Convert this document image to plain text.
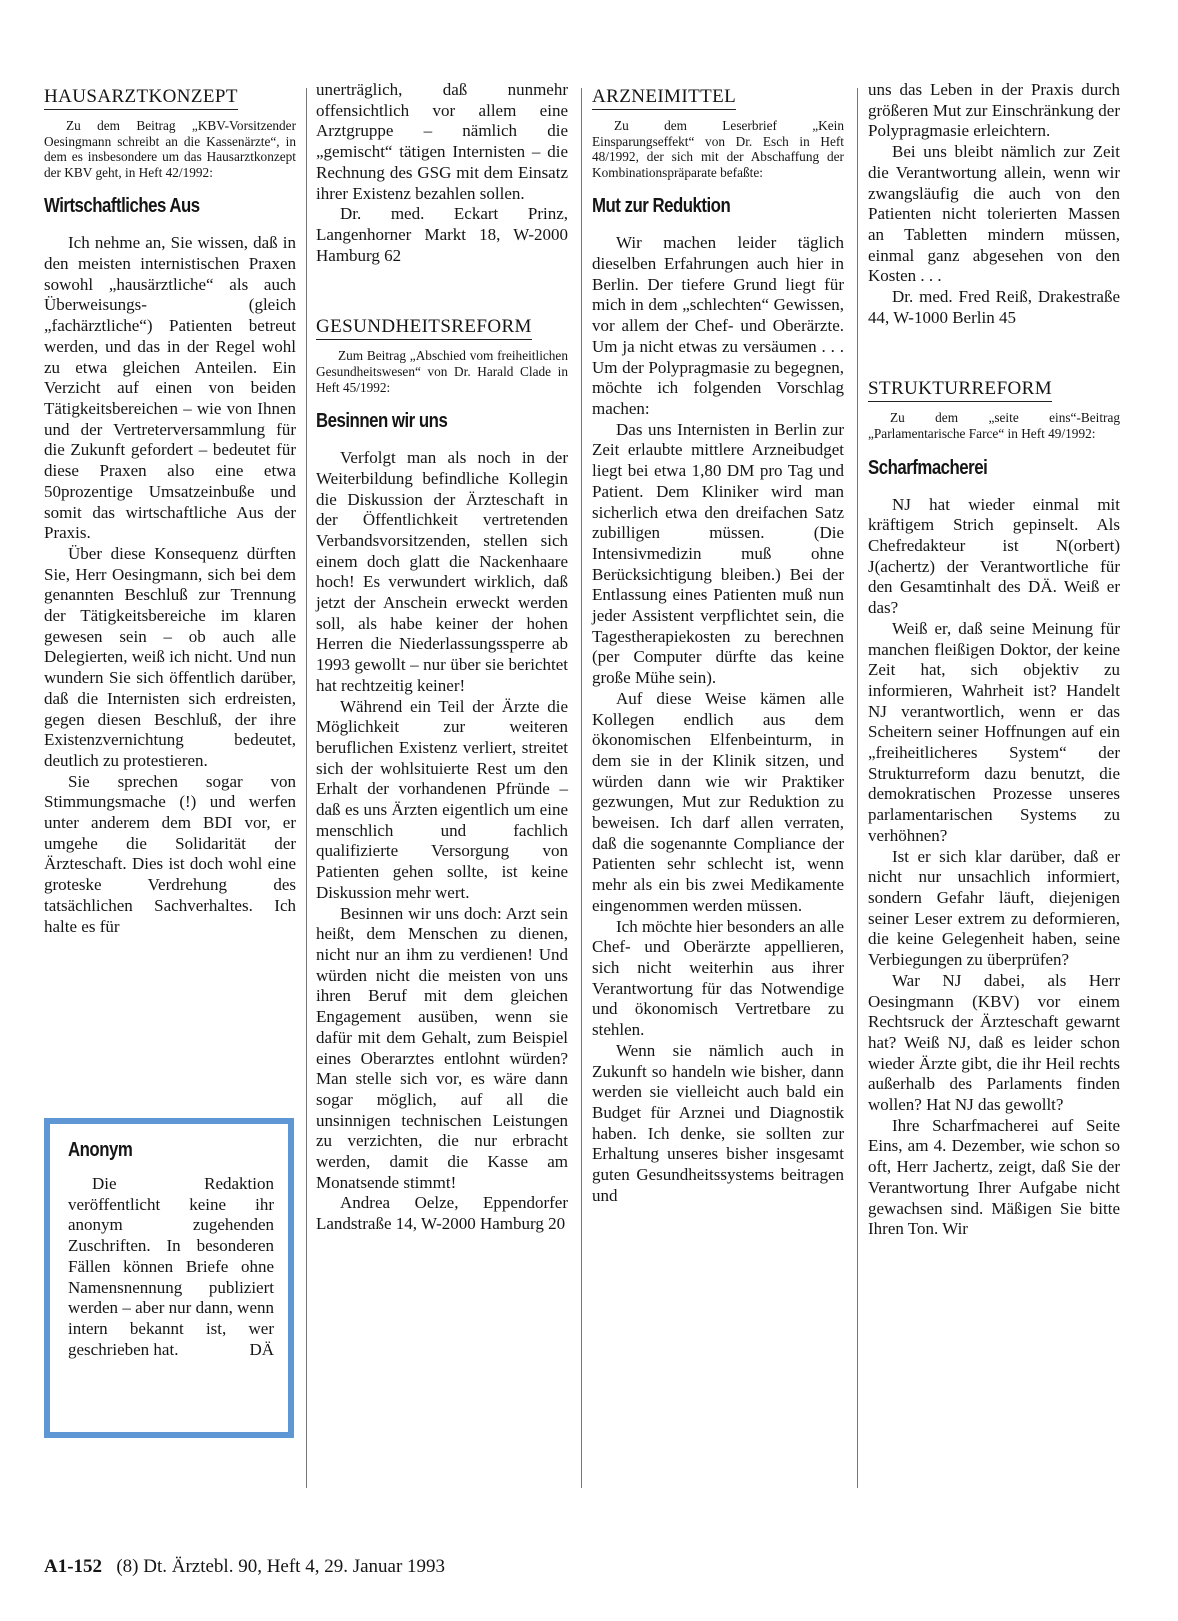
HAUSARZTKONZEPT

Zu dem Beitrag „KBV-Vorsitzender Oesingmann schreibt an die Kassenärzte“, in dem es insbesondere um das Hausarztkonzept der KBV geht, in Heft 42/1992:

Wirtschaftliches Aus

Ich nehme an, Sie wissen, daß in den meisten internistischen Praxen sowohl „hausärztliche“ als auch Überweisungs- (gleich „fachärztliche“) Patienten betreut werden, und das in der Regel wohl zu etwa gleichen Anteilen. Ein Verzicht auf einen von beiden Tätigkeitsbereichen – wie von Ihnen und der Vertreterversammlung für die Zukunft gefordert – bedeutet für diese Praxen also eine etwa 50prozentige Umsatzeinbuße und somit das wirtschaftliche Aus der Praxis.

Über diese Konsequenz dürften Sie, Herr Oesingmann, sich bei dem genannten Beschluß zur Trennung der Tätigkeitsbereiche im klaren gewesen sein – ob auch alle Delegierten, weiß ich nicht. Und nun wundern Sie sich öffentlich darüber, daß die Internisten sich erdreisten, gegen diesen Beschluß, der ihre Existenzvernichtung bedeutet, deutlich zu protestieren.

Sie sprechen sogar von Stimmungsmache (!) und werfen unter anderem dem BDI vor, er umgehe die Solidarität der Ärzteschaft. Dies ist doch wohl eine groteske Verdrehung des tatsächlichen Sachverhaltes. Ich halte es für

Anonym

Die Redaktion veröffentlicht keine ihr anonym zugehenden Zuschriften. In besonderen Fällen können Briefe ohne Namensnennung publiziert werden – aber nur dann, wenn intern bekannt ist, wer geschrieben hat.	DÄ

unerträglich, daß nunmehr offensichtlich vor allem eine Arztgruppe – nämlich die „gemischt“ tätigen Internisten – die Rechnung des GSG mit dem Einsatz ihrer Existenz bezahlen sollen.

Dr. med. Eckart Prinz, Langenhorner Markt 18, W-2000 Hamburg 62

GESUNDHEITSREFORM

Zum Beitrag „Abschied vom freiheitlichen Gesundheitswesen“ von Dr. Harald Clade in Heft 45/1992:

Besinnen wir uns

Verfolgt man als noch in der Weiterbildung befindliche Kollegin die Diskussion der Ärzteschaft in der Öffentlichkeit vertretenden Verbandsvorsitzenden, stellen sich einem doch glatt die Nackenhaare hoch! Es verwundert wirklich, daß jetzt der Anschein erweckt werden soll, als habe keiner der hohen Herren die Niederlassungssperre ab 1993 gewollt – nur über sie berichtet hat rechtzeitig keiner!

Während ein Teil der Ärzte die Möglichkeit zur weiteren beruflichen Existenz verliert, streitet sich der wohlsituierte Rest um den Erhalt der vorhandenen Pfründe – daß es uns Ärzten eigentlich um eine menschlich und fachlich qualifizierte Versorgung von Patienten gehen sollte, ist keine Diskussion mehr wert.

Besinnen wir uns doch: Arzt sein heißt, dem Menschen zu dienen, nicht nur an ihm zu verdienen! Und würden nicht die meisten von uns ihren Beruf mit dem gleichen Engagement ausüben, wenn sie dafür mit dem Gehalt, zum Beispiel eines Oberarztes entlohnt würden? Man stelle sich vor, es wäre dann sogar möglich, auf all die unsinnigen technischen Leistungen zu verzichten, die nur erbracht werden, damit die Kasse am Monatsende stimmt!

Andrea Oelze, Eppendorfer Landstraße 14, W-2000 Hamburg 20

ARZNEIMITTEL

Zu dem Leserbrief „Kein Einsparungseffekt“ von Dr. Esch in Heft 48/1992, der sich mit der Abschaffung der Kombinationspräparate befaßte:

Mut zur Reduktion

Wir machen leider täglich dieselben Erfahrungen auch hier in Berlin. Der tiefere Grund liegt für mich in dem „schlechten“ Gewissen, vor allem der Chef- und Oberärzte. Um ja nicht etwas zu versäumen . . . Um der Polypragmasie zu begegnen, möchte ich folgenden Vorschlag machen:

Das uns Internisten in Berlin zur Zeit erlaubte mittlere Arzneibudget liegt bei etwa 1,80 DM pro Tag und Patient. Dem Kliniker wird man sicherlich etwa den dreifachen Satz zubilligen müssen. (Die Intensivmedizin muß ohne Berücksichtigung bleiben.) Bei der Entlassung eines Patienten muß nun jeder Assistent verpflichtet sein, die Tagestherapiekosten zu berechnen (per Computer dürfte das keine große Mühe sein).

Auf diese Weise kämen alle Kollegen endlich aus dem ökonomischen Elfenbeinturm, in dem sie in der Klinik sitzen, und würden dann wie wir Praktiker gezwungen, Mut zur Reduktion zu beweisen. Ich darf allen verraten, daß die sogenannte Compliance der Patienten sehr schlecht ist, wenn mehr als ein bis zwei Medikamente eingenommen werden müssen.

Ich möchte hier besonders an alle Chef- und Oberärzte appellieren, sich nicht weiterhin aus ihrer Verantwortung für das Notwendige und ökonomisch Vertretbare zu stehlen.

Wenn sie nämlich auch in Zukunft so handeln wie bisher, dann werden sie vielleicht auch bald ein Budget für Arznei und Diagnostik haben. Ich denke, sie sollten zur Erhaltung unseres bisher insgesamt guten Gesundheitssystems beitragen und

uns das Leben in der Praxis durch größeren Mut zur Einschränkung der Polypragmasie erleichtern.

Bei uns bleibt nämlich zur Zeit die Verantwortung allein, wenn wir zwangsläufig die auch von den Patienten nicht tolerierten Massen an Tabletten mindern müssen, einmal ganz abgesehen von den Kosten . . .

Dr. med. Fred Reiß, Drakestraße 44, W-1000 Berlin 45

STRUKTURREFORM

Zu dem „seite eins“-Beitrag „Parlamentarische Farce“ in Heft 49/1992:

Scharfmacherei

NJ hat wieder einmal mit kräftigem Strich gepinselt. Als Chefredakteur ist N(orbert) J(achertz) der Verantwortliche für den Gesamtinhalt des DÄ. Weiß er das?

Weiß er, daß seine Meinung für manchen fleißigen Doktor, der keine Zeit hat, sich objektiv zu informieren, Wahrheit ist? Handelt NJ verantwortlich, wenn er das Scheitern seiner Hoffnungen auf ein „freiheitlicheres System“ der Strukturreform dazu benutzt, die demokratischen Prozesse unseres parlamentarischen Systems zu verhöhnen?

Ist er sich klar darüber, daß er nicht nur unsachlich informiert, sondern Gefahr läuft, diejenigen seiner Leser extrem zu deformieren, die keine Gelegenheit haben, seine Verbiegungen zu überprüfen?

War NJ dabei, als Herr Oesingmann (KBV) vor einem Rechtsruck der Ärzteschaft gewarnt hat? Weiß NJ, daß es leider schon wieder Ärzte gibt, die ihr Heil rechts außerhalb des Parlaments finden wollen? Hat NJ das gewollt?

Ihre Scharfmacherei auf Seite Eins, am 4. Dezember, wie schon so oft, Herr Jachertz, zeigt, daß Sie der Verantwortung Ihrer Aufgabe nicht gewachsen sind. Mäßigen Sie bitte Ihren Ton. Wir

A1-152 (8) Dt. Ärztebl. 90, Heft 4, 29. Januar 1993
